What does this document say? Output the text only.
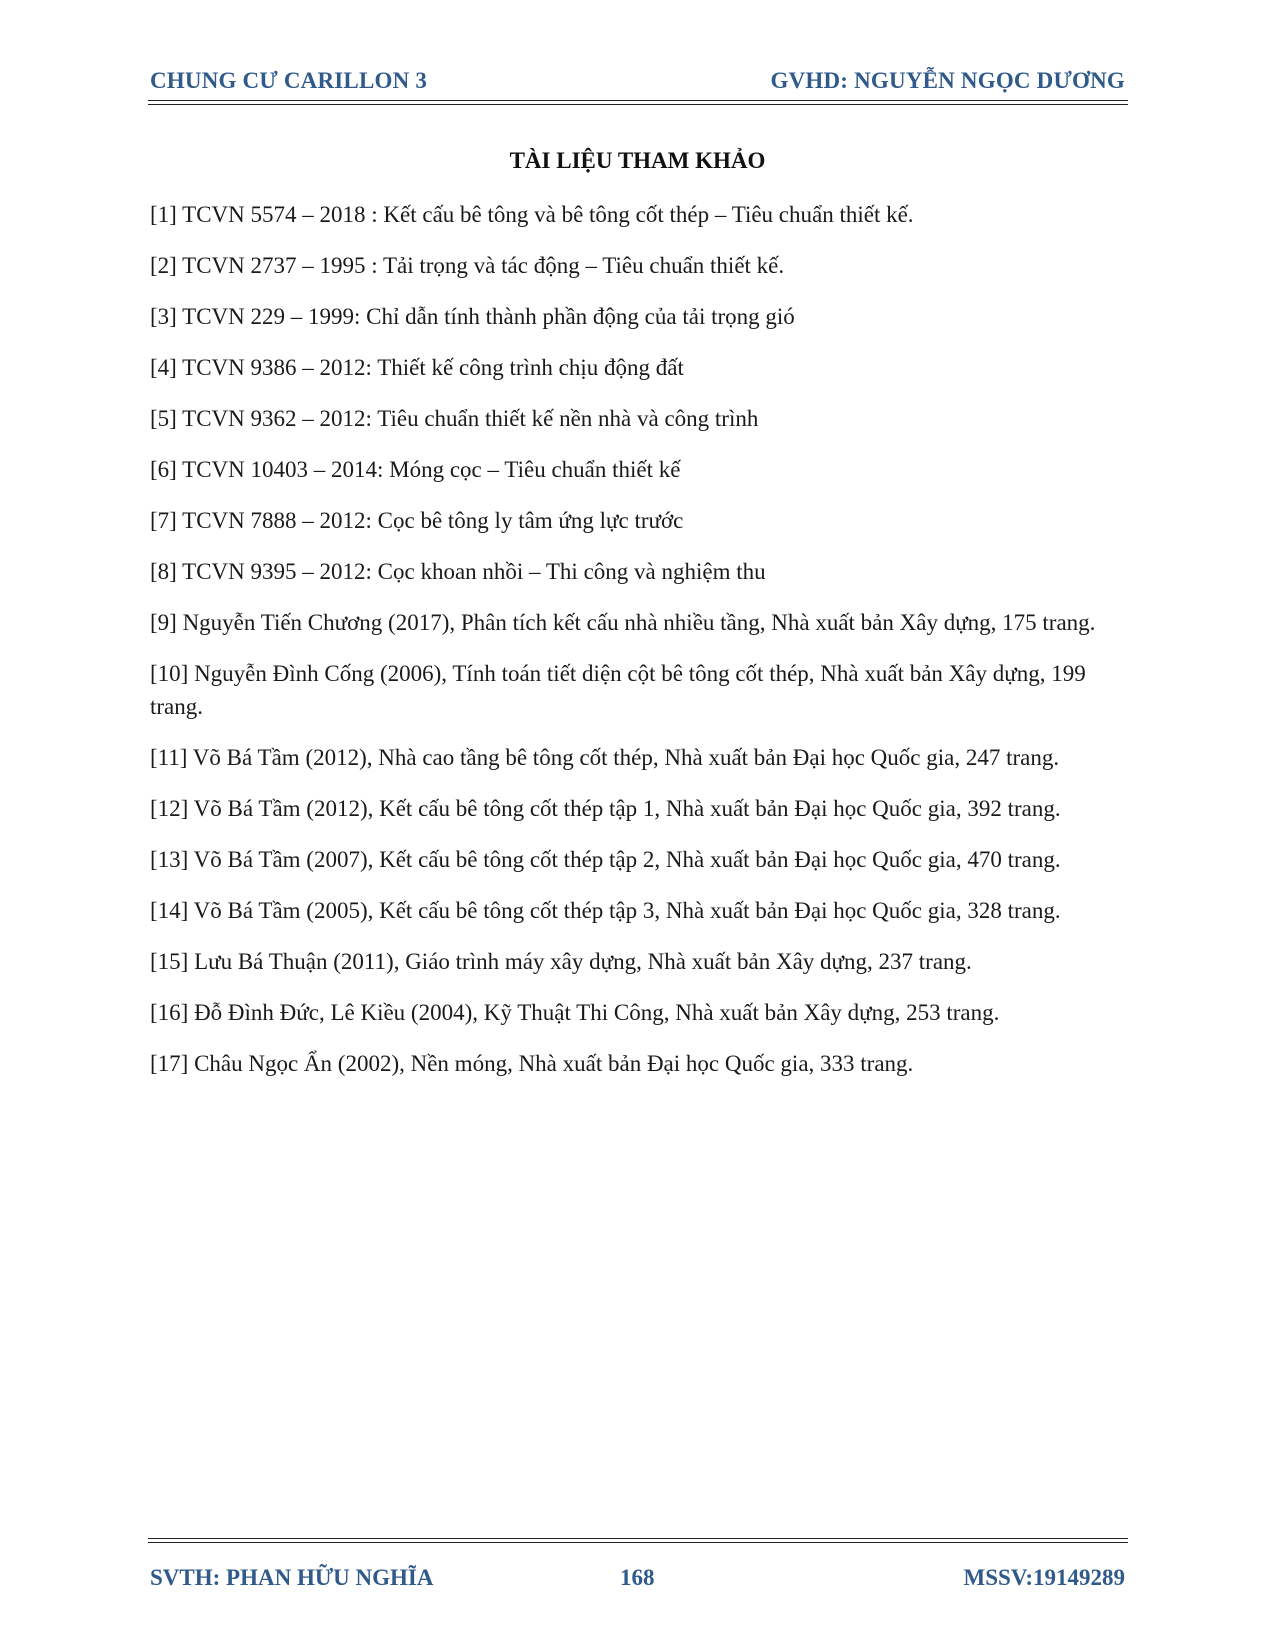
CHUNG CƯ CARILLON 3	GVHD: NGUYỄN NGỌC DƯƠNG
TÀI LIỆU THAM KHẢO
[1] TCVN 5574 – 2018 : Kết cấu bê tông và bê tông cốt thép – Tiêu chuẩn thiết kế.
[2] TCVN 2737 – 1995 : Tải trọng và tác động – Tiêu chuẩn thiết kế.
[3] TCVN 229 – 1999: Chỉ dẫn tính thành phần động của tải trọng gió
[4] TCVN 9386 – 2012: Thiết kế công trình chịu động đất
[5] TCVN 9362 – 2012: Tiêu chuẩn thiết kế nền nhà và công trình
[6] TCVN 10403 – 2014: Móng cọc – Tiêu chuẩn thiết kế
[7] TCVN 7888 – 2012: Cọc bê tông ly tâm ứng lực trước
[8] TCVN 9395 – 2012: Cọc khoan nhồi – Thi công và nghiệm thu
[9] Nguyễn Tiến Chương (2017), Phân tích kết cấu nhà nhiều tầng, Nhà xuất bản Xây dựng, 175 trang.
[10] Nguyễn Đình Cống (2006), Tính toán tiết diện cột bê tông cốt thép, Nhà xuất bản Xây dựng, 199 trang.
[11] Võ Bá Tầm (2012), Nhà cao tầng bê tông cốt thép, Nhà xuất bản Đại học Quốc gia, 247 trang.
[12] Võ Bá Tầm (2012), Kết cấu bê tông cốt thép tập 1, Nhà xuất bản Đại học Quốc gia, 392 trang.
[13] Võ Bá Tầm (2007), Kết cấu bê tông cốt thép tập 2, Nhà xuất bản Đại học Quốc gia, 470 trang.
[14] Võ Bá Tầm (2005), Kết cấu bê tông cốt thép tập 3, Nhà xuất bản Đại học Quốc gia, 328 trang.
[15] Lưu Bá Thuận (2011), Giáo trình máy xây dựng, Nhà xuất bản Xây dựng, 237 trang.
[16] Đỗ Đình Đức, Lê Kiều (2004), Kỹ Thuật Thi Công, Nhà xuất bản Xây dựng, 253 trang.
[17] Châu Ngọc Ẩn (2002), Nền móng, Nhà xuất bản Đại học Quốc gia, 333 trang.
SVTH: PHAN HỮU NGHĨA	168	MSSV:19149289
